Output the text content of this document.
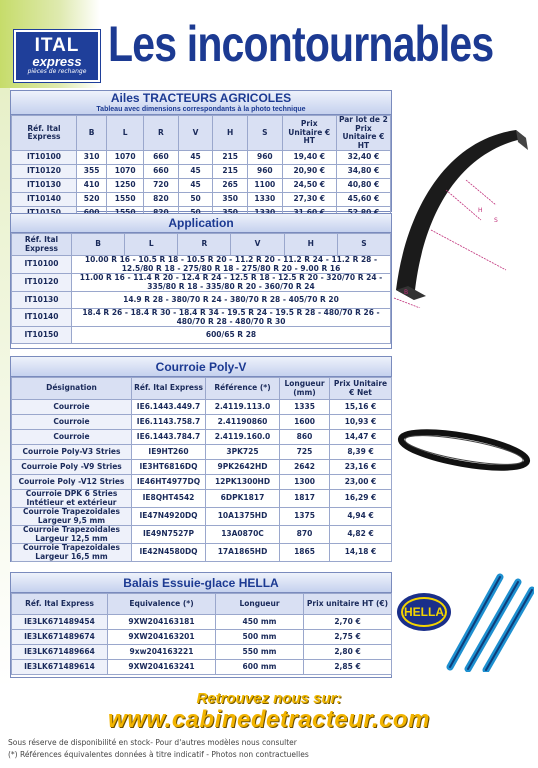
ITAL
express
pièces de rechange Les incontournables
Ailes TRACTEURS AGRICOLES
Tableau avec dimensions correspondants à la photo technique
Réf. Ital Express	B	L	R	V	H	S	Prix Unitaire € HT	Par lot de 2 Prix Unitaire € HT
IT10100	310	1070	660	45	215	960	19,40 €	32,40 €
IT10120	355	1070	660	45	215	960	20,90 €	34,80 €
IT10130	410	1250	720	45	265	1100	24,50 €	40,80 €
IT10140	520	1550	820	50	350	1330	27,30 €	45,60 €

B
H
S
Application
Réf. Ital Express	B	L	R	V	H	S
IT10100	10.00 R 16 - 10.5 R 18 - 10.5 R 20 - 11.2 R 20 - 11.2 R 24 - 11.2 R 28 - 12.5/80 R 18 - 275/80 R 18 - 275/80 R 20 - 9.00 R 16					
IT10120	11.00 R 16 - 11.4 R 20 - 12.4 R 24 - 12.5 R 18 - 12.5 R 20 - 320/70 R 24 - 335/80 R 18 - 335/80 R 20 - 360/70 R 24					
IT10130	14.9 R 28 - 380/70 R 24 - 380/70 R 28 - 405/70 R 20					
IT10140	18.4 R 26 - 18.4 R 30 - 18.4 R 34 - 19.5 R 24 - 19.5 R 28 - 480/70 R 26 - 480/70 R 28 - 480/70 R 30					
IT10150	600/65 R 28					
Courroie Poly-V
Désignation	Réf. Ital Express	Référence (*)	Longueur (mm)	Prix Unitaire € Net
Courroie	IE6.1443.449.7	2.4119.113.0	1335	15,16 €
Courroie	IE6.1143.758.7	2.41190860	1600	10,93 €
Courroie	IE6.1443.784.7	2.4119.160.0	860	14,47 €
Courroie Poly-V3 Stries	IE9HT260	3PK725	725	8,39 €
Courroie Poly -V9 Stries	IE3HT6816DQ	9PK2642HD	2642	23,16 €
Courroie Poly -V12 Stries	IE46HT4977DQ	12PK1300HD	1300	23,00 €
Courroie DPK 6 Stries Intétieur et extérieur	IE8QHT4542	6DPK1817	1817	16,29 €
Courroie Trapezoidales Largeur 9,5 mm	IE47N4920DQ	10A1375HD	1375	4,94 €
Courroie Trapezoidales Largeur 12,5 mm	IE49N7527P	13A0870C	870	4,82 €
Courroie Trapezoidales Largeur 16,5 mm	IE42N4580DQ	17A1865HD	1865	14,18 €
Balais Essuie-glace HELLA
Réf. Ital Express	Equivalence (*)	Longueur	Prix unitaire HT (€)
IE3LK671489454	9XW204163181	450 mm	2,70 €
IE3LK671489674	9XW204163201	500 mm	2,75 €
IE3LK671489664	9xw204163221	550 mm	2,80 €
IE3LK671489614	9XW204163241	600 mm	2,85 €
HELLA
Retrouvez nous sur:
www.cabinedetracteur.com
Sous réserve de disponibilité en stock- Pour d'autres modèles nous consulter
(*) Références équivalentes données à titre indicatif - Photos non contractuelles
